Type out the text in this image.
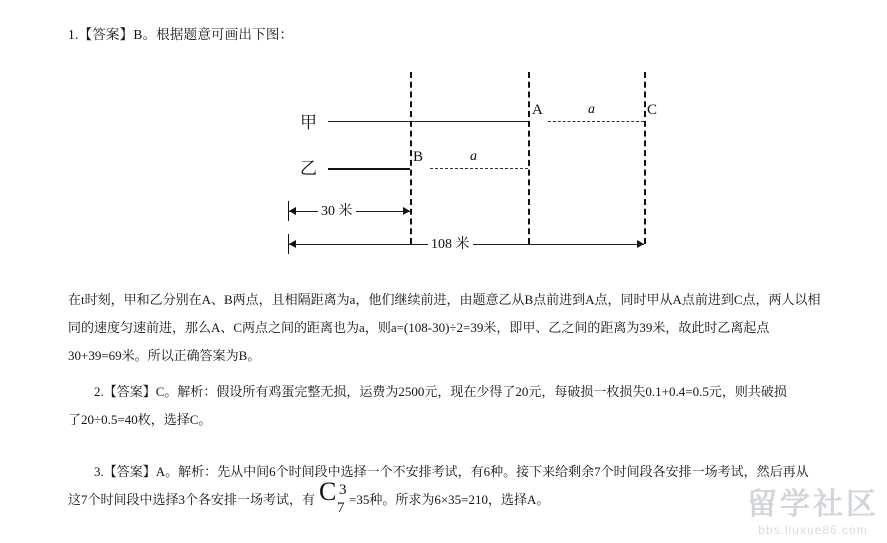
1.【答案】B。根据题意可画出下图：
甲
A	a	C
乙
B	a
30 米
108 米
在t时刻，甲和乙分别在A、B两点，且相隔距离为a，他们继续前进，由题意乙从B点前进到A点，同时甲从A点前进到C点，两人以相
同的速度匀速前进，那么A、C两点之间的距离也为a，则a=(108-30)÷2=39米，即甲、乙之间的距离为39米，故此时乙离起点
30+39=69米。所以正确答案为B。
2.【答案】C。解析：假设所有鸡蛋完整无损，运费为2500元，现在少得了20元，每破损一枚损失0.1+0.4=0.5元，则共破损
了20÷0.5=40枚，选择C。
3.【答案】A。解析：先从中间6个时间段中选择一个不安排考试，有6种。接下来给剩余7个时间段各安排一场考试，然后再从
这7个时间段中选择3个各安排一场考试，有 C 3
7
=35种。所求为6×35=210，选择A。	留学社区
bbs.liuxue86.com
